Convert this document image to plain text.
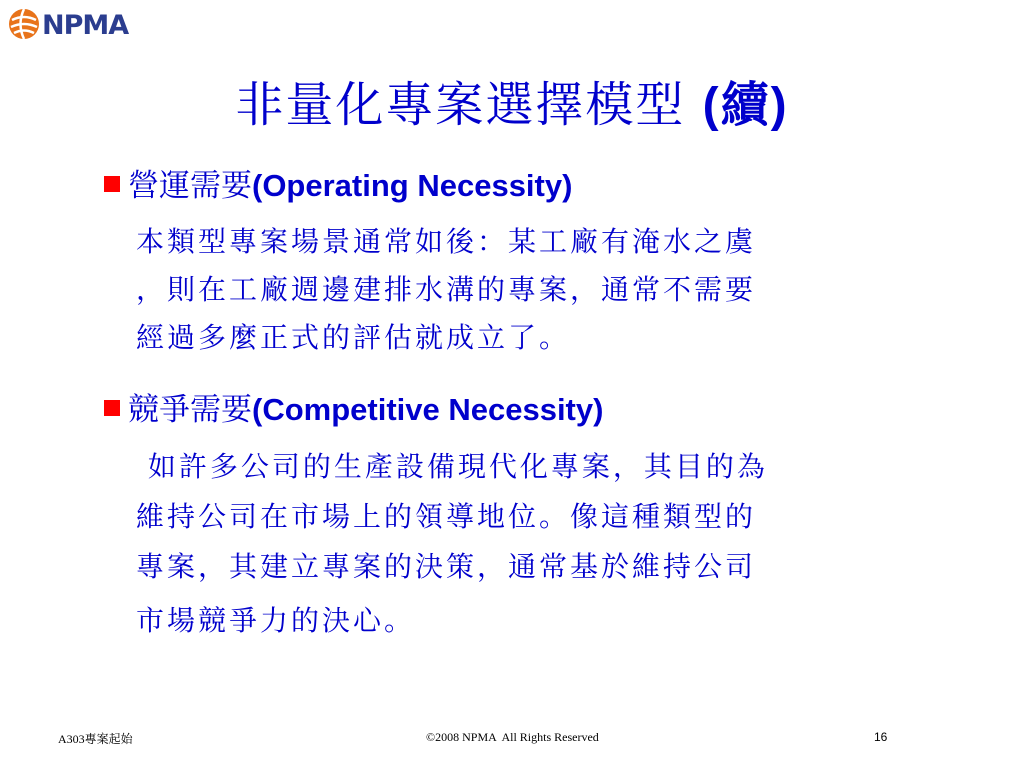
NPMA
非量化專案選擇模型 (續)
營運需要(Operating Necessity)
本類型專案場景通常如後：某工廠有淹水之虞
，則在工廠週邊建排水溝的專案，通常不需要
經過多麼正式的評估就成立了。
競爭需要(Competitive Necessity)
如許多公司的生產設備現代化專案，其目的為
維持公司在市場上的領導地位。像這種類型的
專案，其建立專案的決策，通常基於維持公司
市場競爭力的決心。
A303專案起始	©2008 NPMA  All Rights Reserved	16
